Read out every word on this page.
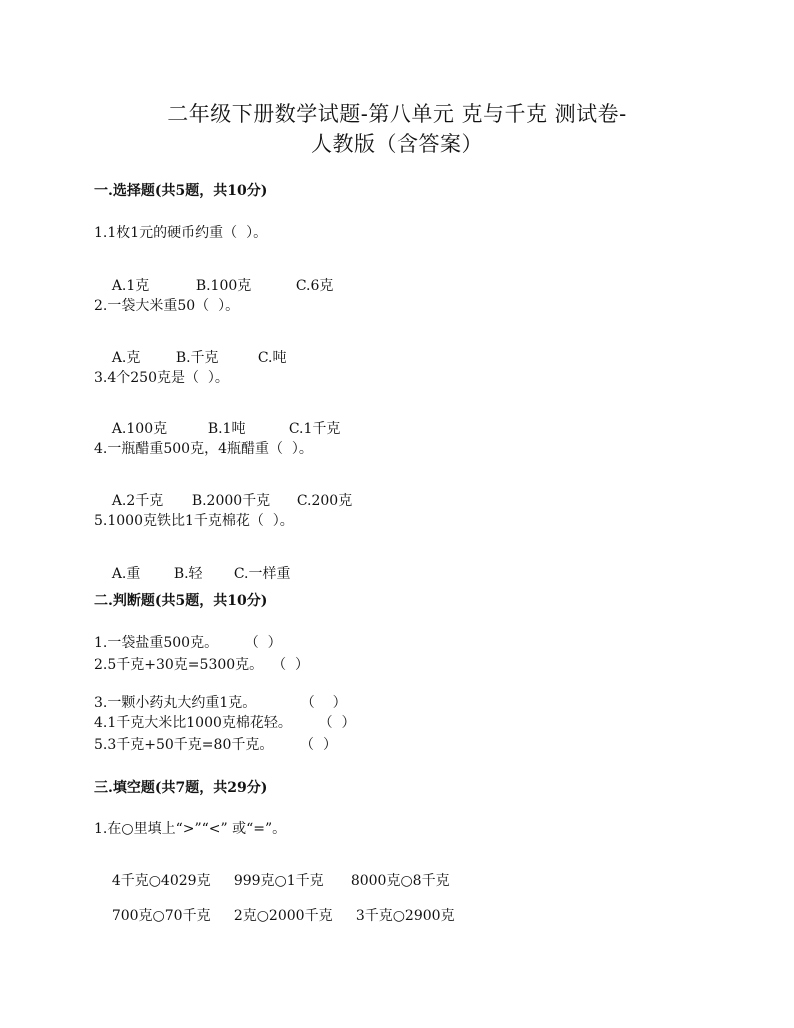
二年级下册数学试题-第八单元 克与千克 测试卷-
人教版（含答案）
一.选择题(共5题，共10分)
1.1枚1元的硬币约重（  ）。

A.1克	B.100克	C.6克

2.一袋大米重50（  ）。

A.克	B.千克	C.吨

3.4个250克是（  ）。

A.100克	B.1吨	C.1千克

4.一瓶醋重500克，4瓶醋重（  ）。

A.2千克 B.2000千克 C.200克

5.1000克铁比1千克棉花（  ）。

A.重 B.轻 C.一样重

二.判断题(共5题，共10分)
1.一袋盐重500克。      （  ）
2.5千克+30克=5300克。  （  ）
3.一颗小药丸大约重1克。          （    ）
4.1千克大米比1000克棉花轻。      （  ）
5.3千克+50千克=80千克。      （  ）
三.填空题(共7题，共29分)
1.在○里填上“>”“<” 或“=”。

4千克○4029克 999克○1千克 8000克○8千克

700克○70千克 2克○2000千克 3千克○2900克
